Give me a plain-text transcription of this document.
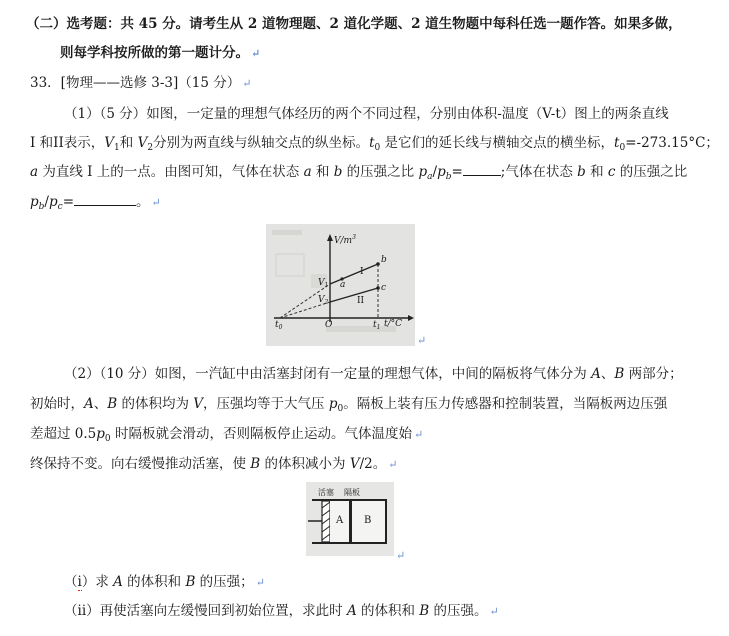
（二）选考题：共 45 分。请考生从 2 道物理题、2 道化学题、2 道生物题中每科任选一题作答。如果多做，
则每学科按所做的第一题计分。 ↵
33．[物理——选修 3-3]（15 分） ↵
（1）（5 分）如图，一定量的理想气体经历的两个不同过程，分别由体积-温度（V-t）图上的两条直线
I 和II表示，$V_1$和 $V_2$分别为两直线与纵轴交点的纵坐标。$t_0$ 是它们的延长线与横轴交点的横坐标，$t_0=-273.15^\circ C$；
a 为直线 I 上的一点。由图可知，气体在状态 a 和 b 的压强之比 $p_a/p_b=$	;气体在状态 b 和 c 的压强之比
$p_b/p_c=$	。 ↵
$V/m^3$
t/°C
$V_1$
$V_2$
O
$t_0$	$t_1$
a
b
c
I
II
↵
（2）（10 分）如图，一汽缸中由活塞封闭有一定量的理想气体，中间的隔板将气体分为 A、B 两部分；
初始时，A、B 的体积均为 V，压强均等于大气压 $p_0$。隔板上装有压力传感器和控制装置，当隔板两边压强
差超过 $0.5p_0$ 时隔板就会滑动，否则隔板停止运动。气体温度始 ↵
终保持不变。向右缓慢推动活塞，使 B 的体积减小为 V/2。 ↵
活塞 隔板
A B
↵
（i）求 A 的体积和 B 的压强； ↵
（ii）再使活塞向左缓慢回到初始位置，求此时 A 的体积和 B 的压强。 ↵
